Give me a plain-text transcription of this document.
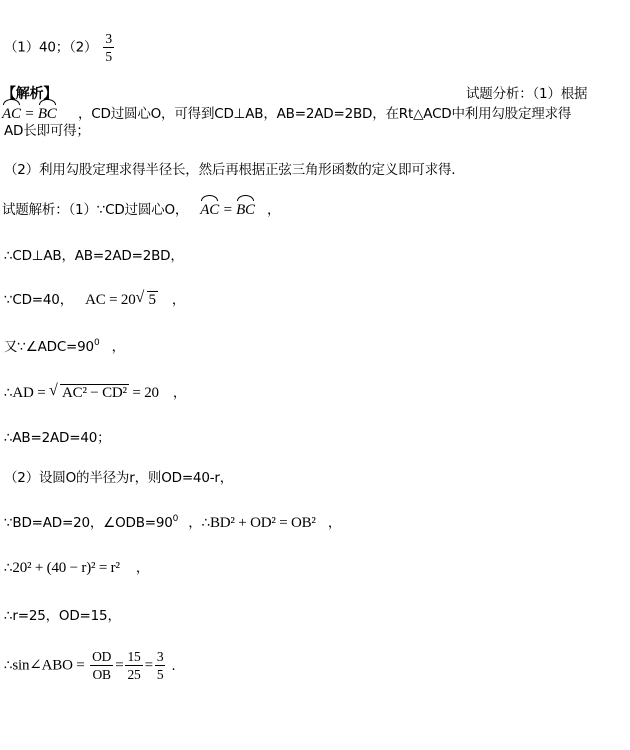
（1）40；$(2) \frac{3}{5}$
【解析】	试题分析：（1）根据
AC = BC ，CD过圆心O，可得到CD⊥AB，AB=2AD=2BD，在Rt△ACD中利用勾股定理求得
AD长即可得；
（2）利用勾股定理求得半径长，然后再根据正弦三角形函数的定义即可求得.
试题解析：（1）∵CD过圆心O， AC = BC ，
∴CD⊥AB，AB=2AD=2BD，
∵CD=40， AC = 20√ 5 ，
又$\because\angle ADC=90^0$ ，
∴AD = √ AC² − CD² = 20 ，
∴AB=2AD=40；
（2）设圆O的半径为r，则OD=40-r，
∵BD=AD=20，$\angle ODB=90^0$ ，∴BD² + OD² = OB² ，
∴20² + (40 − r)² = r² ，
∴r=25，OD=15，
∴sin∠ABO = $\frac{OD}{OB} = \frac{15}{25} = \frac{3}{5}$ .
